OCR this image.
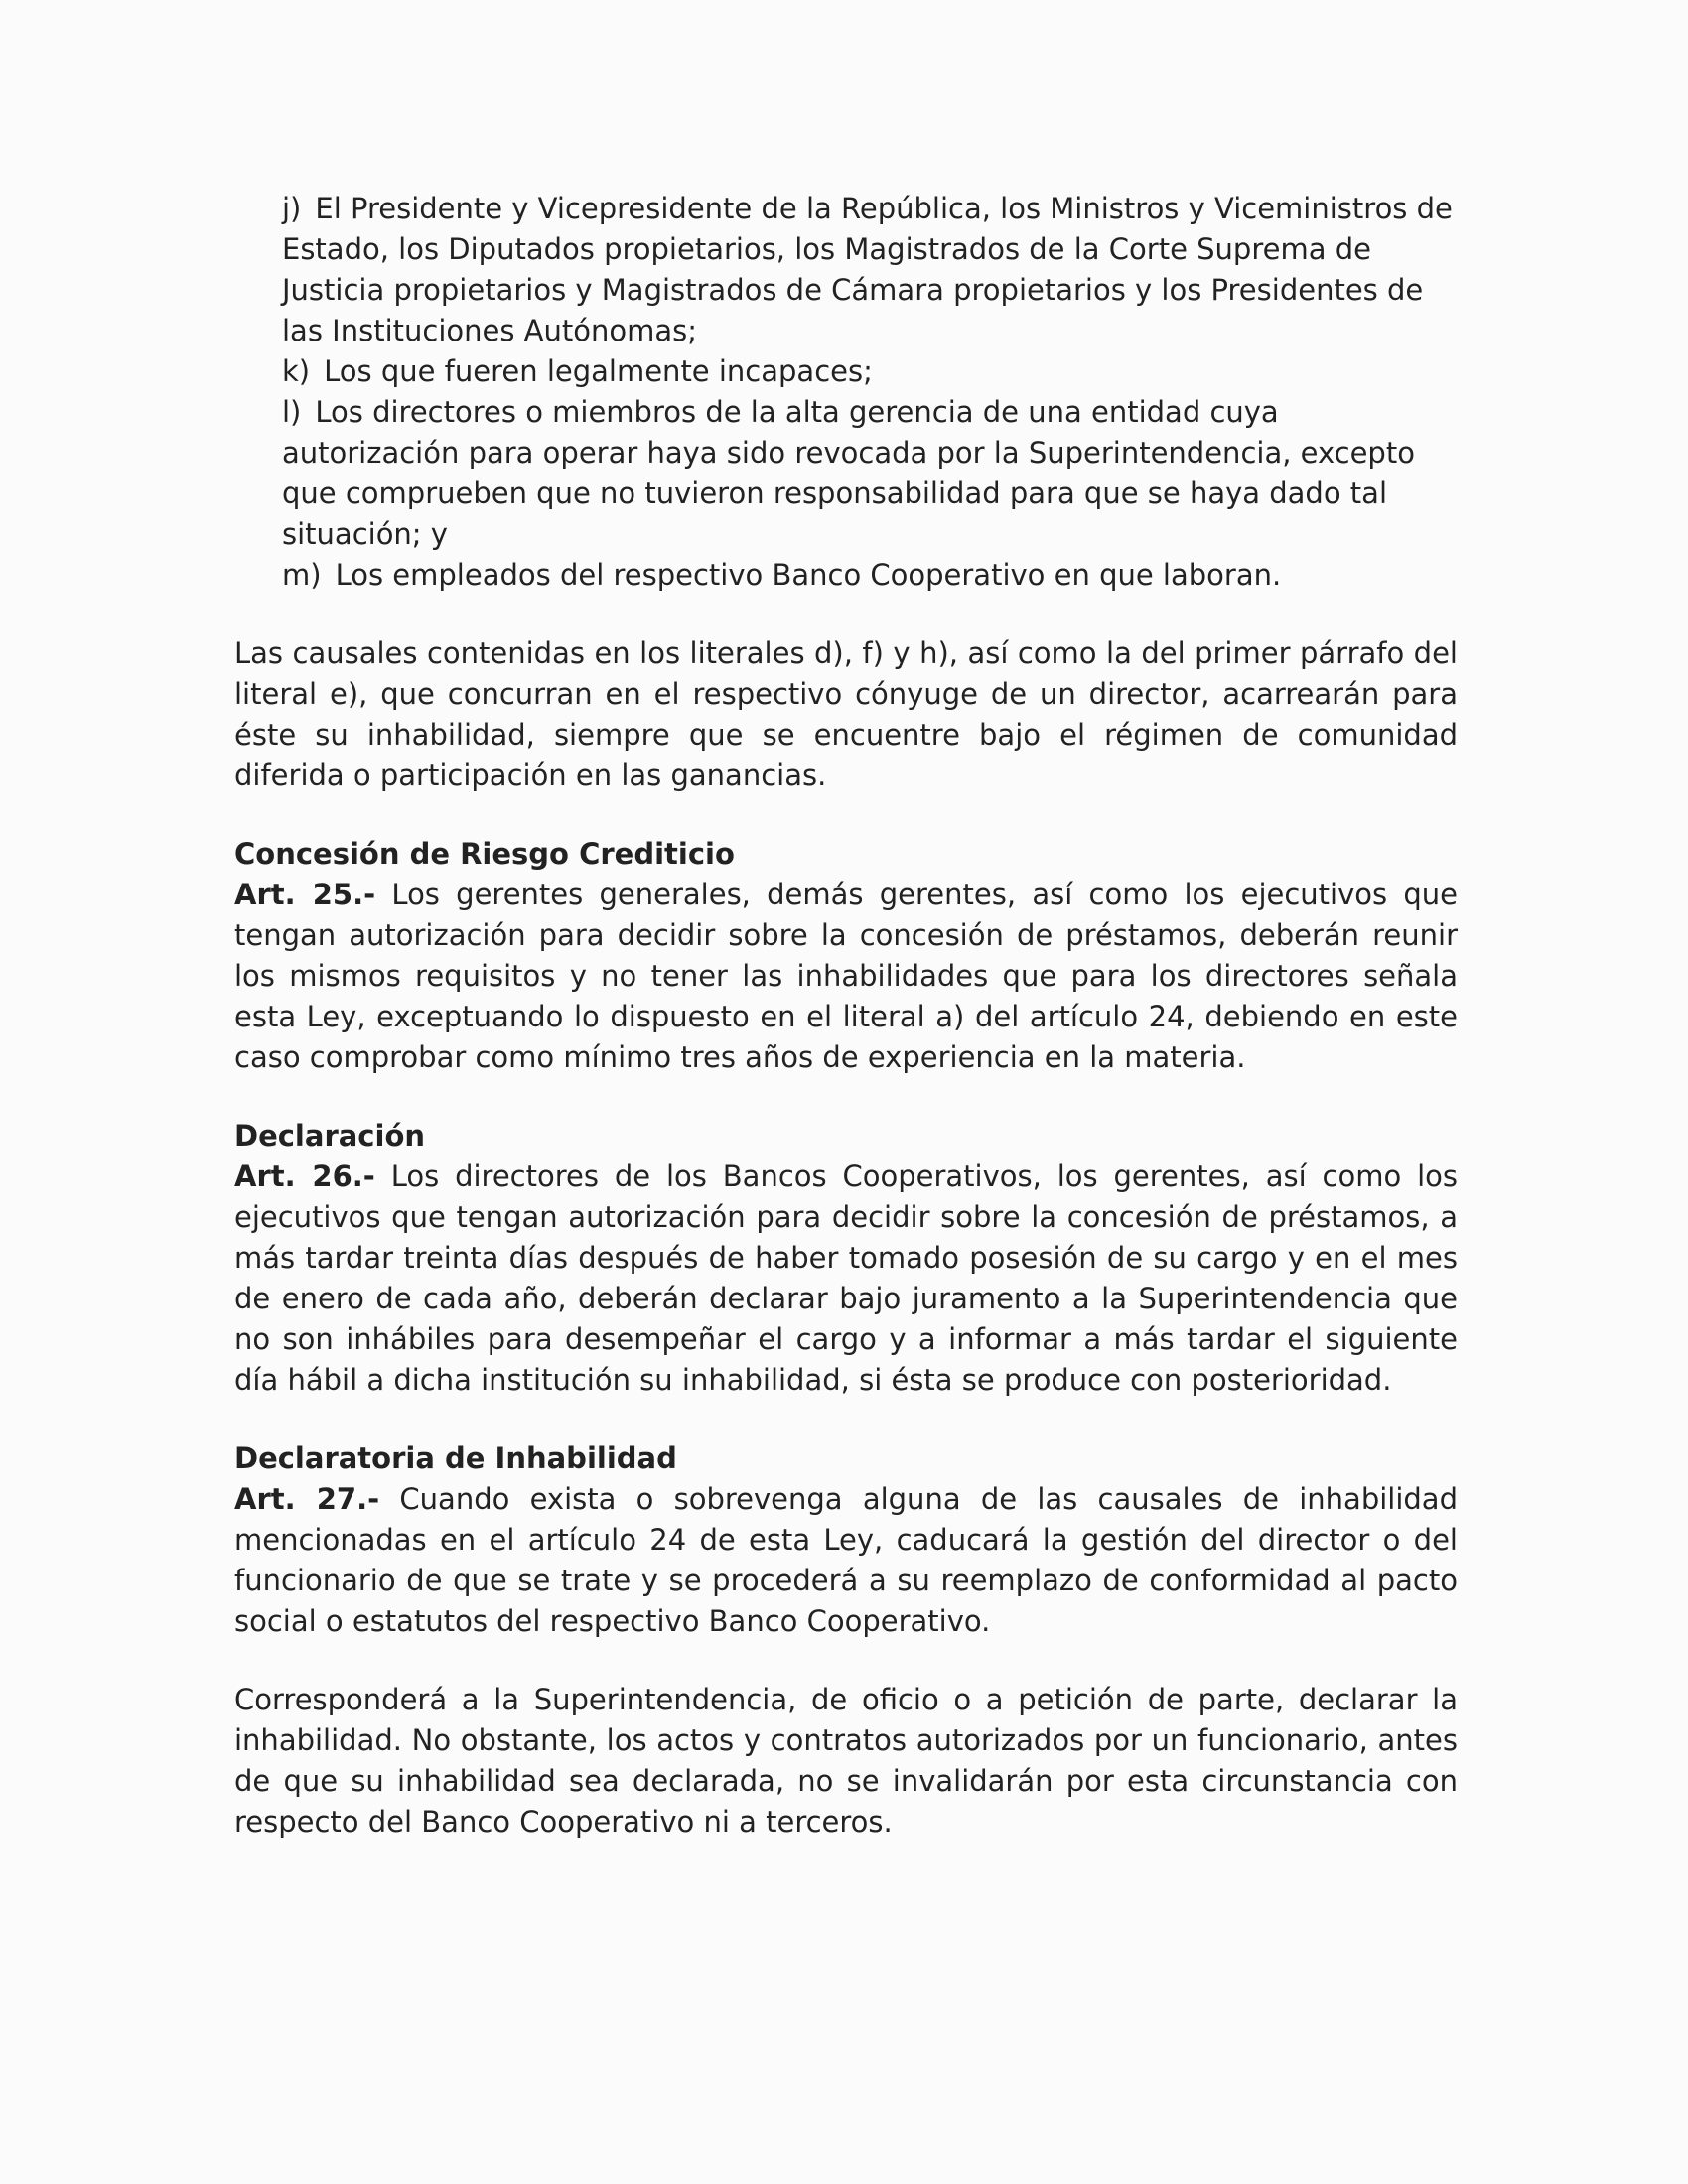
j) El Presidente y Vicepresidente de la República, los Ministros y Viceministros de Estado, los Diputados propietarios, los Magistrados de la Corte Suprema de Justicia propietarios y Magistrados de Cámara propietarios y los Presidentes de las Instituciones Autónomas;
k) Los que fueren legalmente incapaces;
l) Los directores o miembros de la alta gerencia de una entidad cuya autorización para operar haya sido revocada por la Superintendencia, excepto que comprueben que no tuvieron responsabilidad para que se haya dado tal situación; y
m) Los empleados del respectivo Banco Cooperativo en que laboran.

Las causales contenidas en los literales d), f) y h), así como la del primer párrafo del literal e), que concurran en el respectivo cónyuge de un director, acarrearán para éste su inhabilidad, siempre que se encuentre bajo el régimen de comunidad diferida o participación en las ganancias.

Concesión de Riesgo Crediticio

Art. 25.- Los gerentes generales, demás gerentes, así como los ejecutivos que tengan autorización para decidir sobre la concesión de préstamos, deberán reunir los mismos requisitos y no tener las inhabilidades que para los directores señala esta Ley, exceptuando lo dispuesto en el literal a) del artículo 24, debiendo en este caso comprobar como mínimo tres años de experiencia en la materia.

Declaración

Art. 26.- Los directores de los Bancos Cooperativos, los gerentes, así como los ejecutivos que tengan autorización para decidir sobre la concesión de préstamos, a más tardar treinta días después de haber tomado posesión de su cargo y en el mes de enero de cada año, deberán declarar bajo juramento a la Superintendencia que no son inhábiles para desempeñar el cargo y a informar a más tardar el siguiente día hábil a dicha institución su inhabilidad, si ésta se produce con posterioridad.

Declaratoria de Inhabilidad

Art. 27.- Cuando exista o sobrevenga alguna de las causales de inhabilidad mencionadas en el artículo 24 de esta Ley, caducará la gestión del director o del funcionario de que se trate y se procederá a su reemplazo de conformidad al pacto social o estatutos del respectivo Banco Cooperativo.

Corresponderá a la Superintendencia, de oficio o a petición de parte, declarar la inhabilidad. No obstante, los actos y contratos autorizados por un funcionario, antes de que su inhabilidad sea declarada, no se invalidarán por esta circunstancia con respecto del Banco Cooperativo ni a terceros.
